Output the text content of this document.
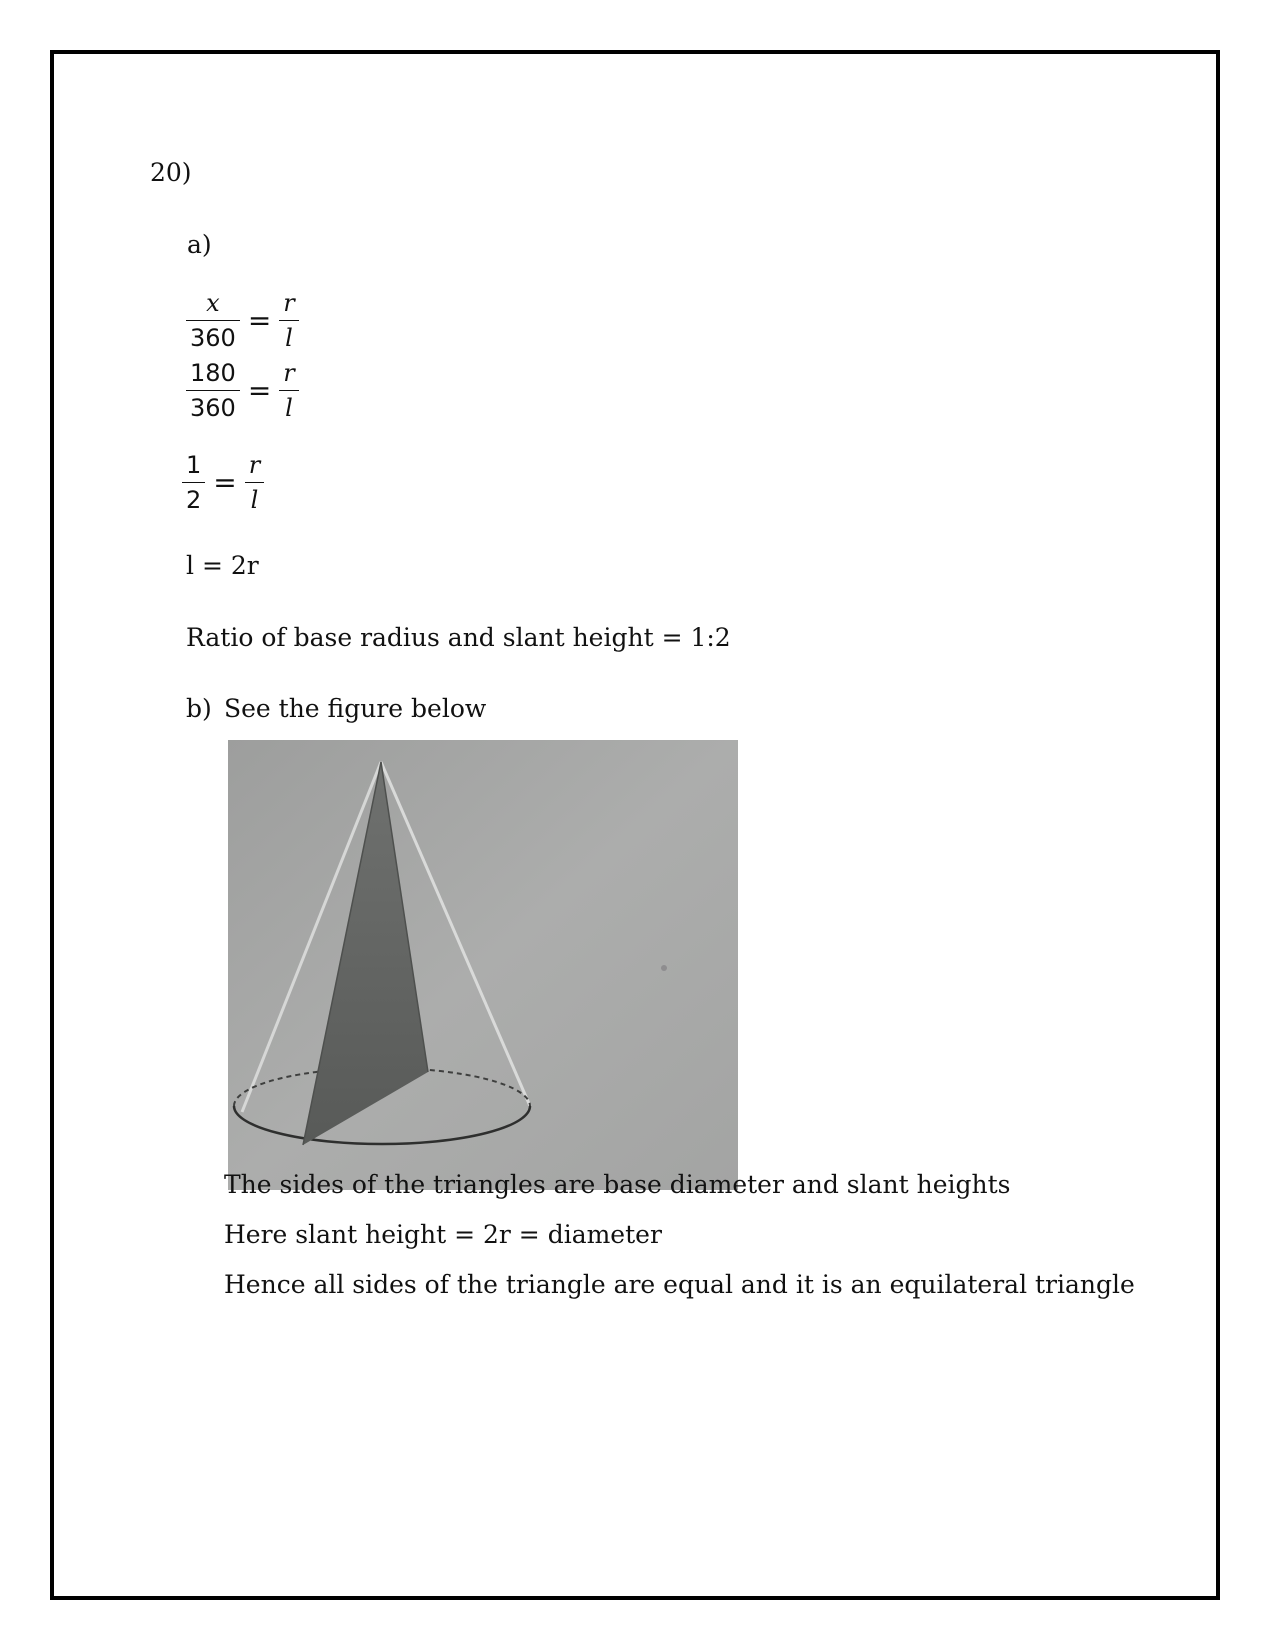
20)
a)
$\frac{x}{360} = \frac{r}{l}$
$\frac{180}{360} = \frac{r}{l}$
$\frac{1}{2} = \frac{r}{l}$
l = 2r
Ratio of base radius and slant height = 1:2
b) See the figure below
The sides of the triangles are base diameter and slant heights
Here slant height = 2r = diameter
Hence all sides of the triangle are equal and it is an equilateral triangle
